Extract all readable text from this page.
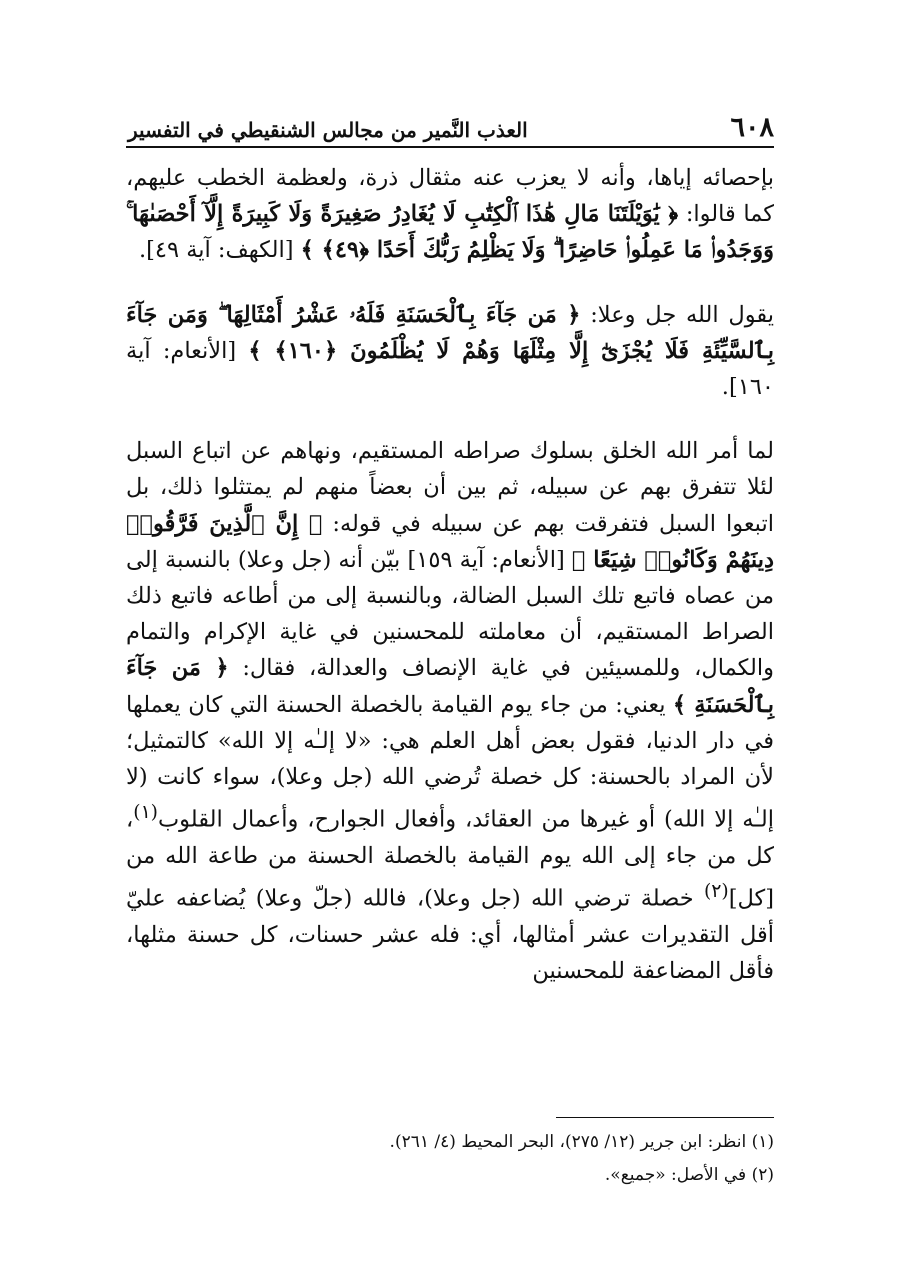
٦٠٨
العذب النَّمير من مجالس الشنقيطي في التفسير

بإحصائه إياها، وأنه لا يعزب عنه مثقال ذرة، ولعظمة الخطب عليهم، كما قالوا: ﴿ يَٰوَيْلَتَنَا مَالِ هَٰذَا ٱلْكِتَٰبِ لَا يُغَادِرُ صَغِيرَةً وَلَا كَبِيرَةً إِلَّآ أَحْصَىٰهَا ۚ وَوَجَدُوا۟ مَا عَمِلُوا۟ حَاضِرًا ۗ وَلَا يَظْلِمُ رَبُّكَ أَحَدًا ﴿٤٩﴾ ﴾ [الكهف: آية ٤٩].

يقول الله جل وعلا: ﴿ مَن جَآءَ بِٱلْحَسَنَةِ فَلَهُۥ عَشْرُ أَمْثَالِهَا ۖ وَمَن جَآءَ بِٱلسَّيِّئَةِ فَلَا يُجْزَىٰٓ إِلَّا مِثْلَهَا وَهُمْ لَا يُظْلَمُونَ ﴿١٦٠﴾ ﴾ [الأنعام: آية ١٦٠].

لما أمر الله الخلق بسلوك صراطه المستقيم، ونهاهم عن اتباع السبل لئلا تتفرق بهم عن سبيله، ثم بين أن بعضاً منهم لم يمتثلوا ذلك، بل اتبعوا السبل فتفرقت بهم عن سبيله في قوله: ﴿ إِنَّ ٱلَّذِينَ فَرَّقُوا۟ دِينَهُمْ وَكَانُوا۟ شِيَعًا ﴾ [الأنعام: آية ١٥٩] بيّن أنه (جل وعلا) بالنسبة إلى من عصاه فاتبع تلك السبل الضالة، وبالنسبة إلى من أطاعه فاتبع ذلك الصراط المستقيم، أن معاملته للمحسنين في غاية الإكرام والتمام والكمال، وللمسيئين في غاية الإنصاف والعدالة، فقال: ﴿ مَن جَآءَ بِٱلْحَسَنَةِ ﴾ يعني: من جاء يوم القيامة بالخصلة الحسنة التي كان يعملها في دار الدنيا، فقول بعض أهل العلم هي: «لا إلـٰه إلا الله» كالتمثيل؛ لأن المراد بالحسنة: كل خصلة تُرضي الله (جل وعلا)، سواء كانت (لا إلـٰه إلا الله) أو غيرها من العقائد، وأفعال الجوارح، وأعمال القلوب$^{(١)}$، كل من جاء إلى الله يوم القيامة بالخصلة الحسنة من طاعة الله من [كل]$^{(٢)}$ خصلة ترضي الله (جل وعلا)، فالله (جلّ وعلا) يُضاعفه عليّ أقل التقديرات عشر أمثالها، أي: فله عشر حسنات، كل حسنة مثلها، فأقل المضاعفة للمحسنين

(١) انظر: ابن جرير (١٢/ ٢٧٥)، البحر المحيط (٤/ ٢٦١).

(٢) في الأصل: «جميع».
